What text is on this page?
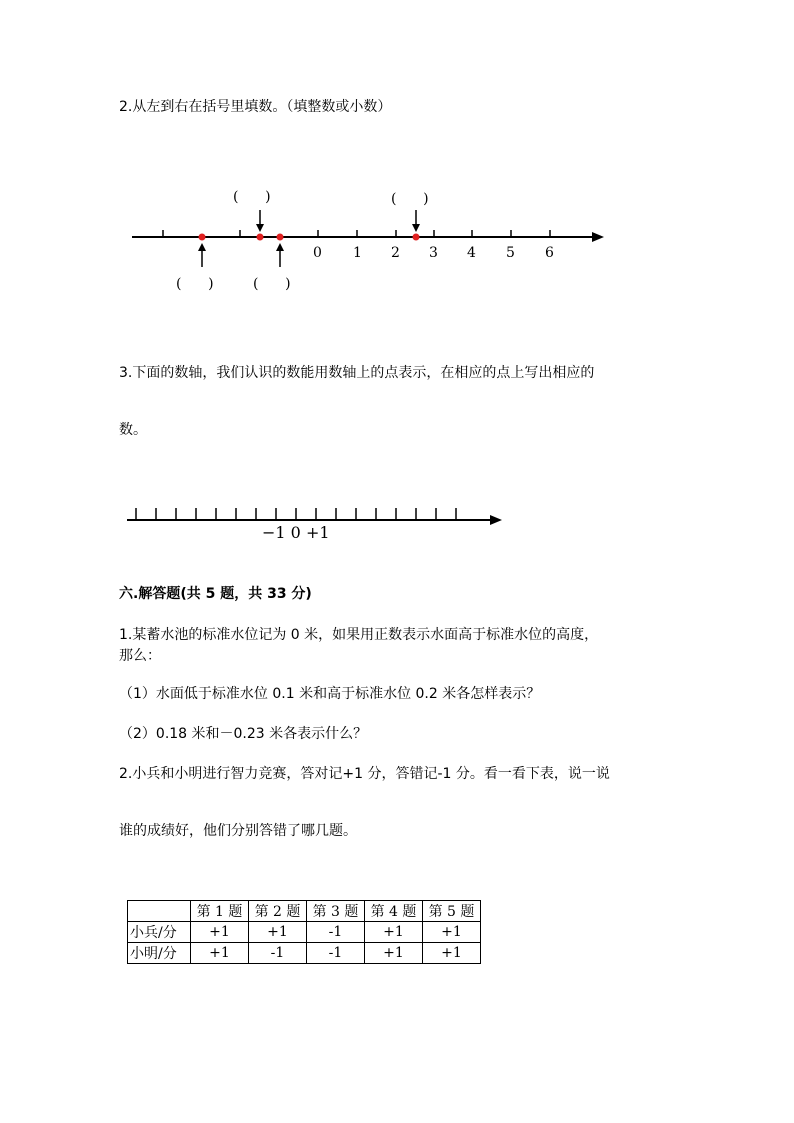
2.从左到右在括号里填数。（填整数或小数）
0 1 2 3 4 5 6
(      )	(      )
(      )	(      )
−1 0 +1
3.下面的数轴，我们认识的数能用数轴上的点表示，在相应的点上写出相应的
数。
六.解答题(共 5 题，共 33 分)
1.某蓄水池的标准水位记为 0 米，如果用正数表示水面高于标准水位的高度，
那么：
（1）水面低于标准水位 0.1 米和高于标准水位 0.2 米各怎样表示？
（2）0.18 米和－0.23 米各表示什么？
2.小兵和小明进行智力竞赛，答对记+1 分，答错记-1 分。看一看下表，说一说
谁的成绩好，他们分别答错了哪几题。
	第 1 题	第 2 题	第 3 题	第 4 题	第 5 题
小兵/分	+1	+1	-1	+1	+1
小明/分	+1	-1	-1	+1	+1
